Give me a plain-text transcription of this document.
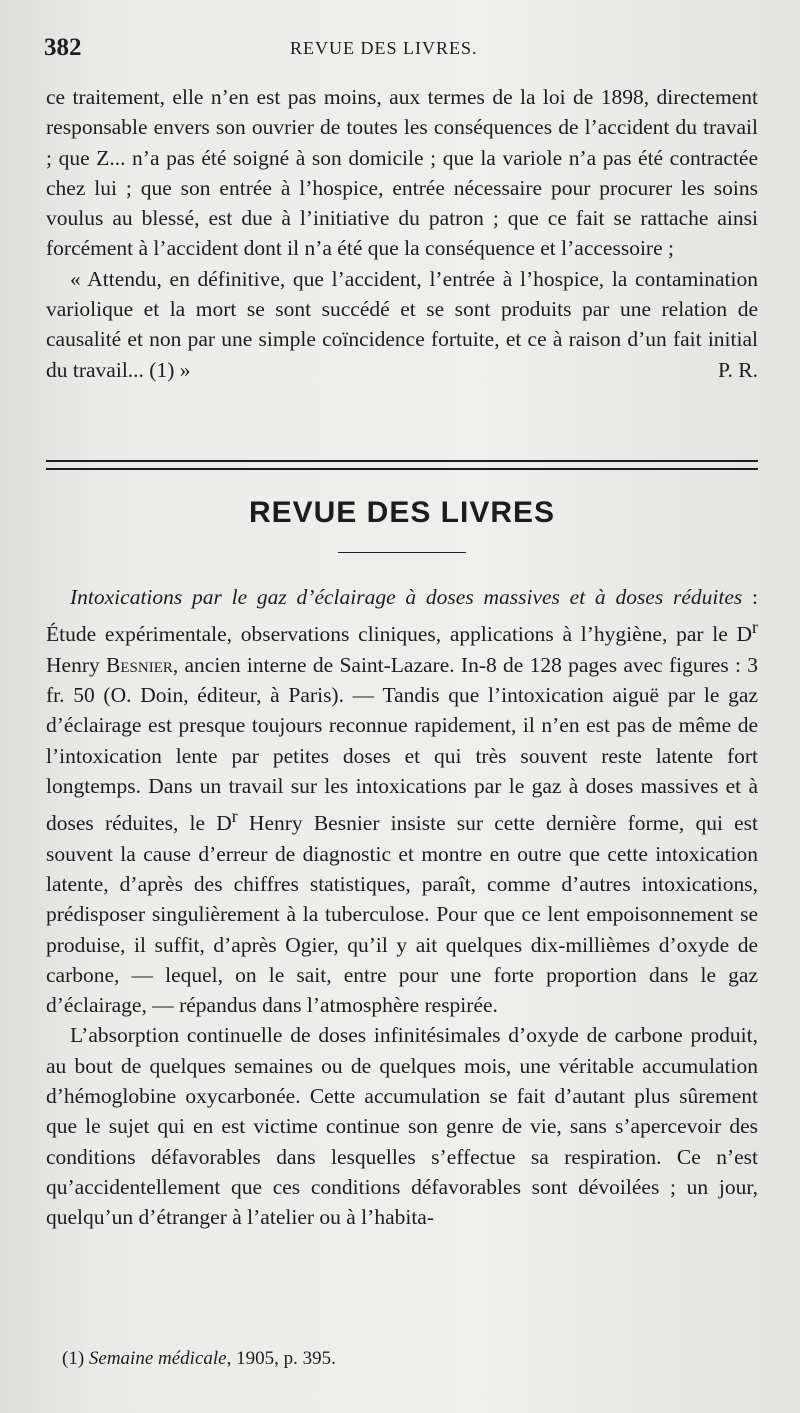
382	REVUE DES LIVRES.

ce traitement, elle n’en est pas moins, aux termes de la loi de 1898, directement responsable envers son ouvrier de toutes les conséquences de l’accident du travail ; que Z... n’a pas été soigné à son domicile ; que la variole n’a pas été contractée chez lui ; que son entrée à l’hospice, entrée nécessaire pour procurer les soins voulus au blessé, est due à l’initiative du patron ; que ce fait se rattache ainsi forcément à l’accident dont il n’a été que la conséquence et l’accessoire ;

« Attendu, en définitive, que l’accident, l’entrée à l’hospice, la contamination variolique et la mort se sont succédé et se sont produits par une relation de causalité et non par une simple coïncidence fortuite, et ce à raison d’un fait initial du travail... (1) »	P. R.

REVUE DES LIVRES

Intoxications par le gaz d’éclairage à doses massives et à doses réduites : Étude expérimentale, observations cliniques, applications à l’hygiène, par le $D^r$ Henry Besnier, ancien interne de Saint-Lazare. In-8 de 128 pages avec figures : 3 fr. 50 (O. Doin, éditeur, à Paris). — Tandis que l’intoxication aiguë par le gaz d’éclairage est presque toujours reconnue rapidement, il n’en est pas de même de l’intoxication lente par petites doses et qui très souvent reste latente fort longtemps. Dans un travail sur les intoxications par le gaz à doses massives et à doses réduites, le $D^r$ Henry Besnier insiste sur cette dernière forme, qui est souvent la cause d’erreur de diagnostic et montre en outre que cette intoxication latente, d’après des chiffres statistiques, paraît, comme d’autres intoxications, prédisposer singulièrement à la tuberculose. Pour que ce lent empoisonnement se produise, il suffit, d’après Ogier, qu’il y ait quelques dix-millièmes d’oxyde de carbone, — lequel, on le sait, entre pour une forte proportion dans le gaz d’éclairage, — répandus dans l’atmosphère respirée.

L’absorption continuelle de doses infinitésimales d’oxyde de carbone produit, au bout de quelques semaines ou de quelques mois, une véritable accumulation d’hémoglobine oxycarbonée. Cette accumulation se fait d’autant plus sûrement que le sujet qui en est victime continue son genre de vie, sans s’apercevoir des conditions défavorables dans lesquelles s’effectue sa respiration. Ce n’est qu’accidentellement que ces conditions défavorables sont dévoilées ; un jour, quelqu’un d’étranger à l’atelier ou à l’habita-

(1) Semaine médicale, 1905, p. 395.
